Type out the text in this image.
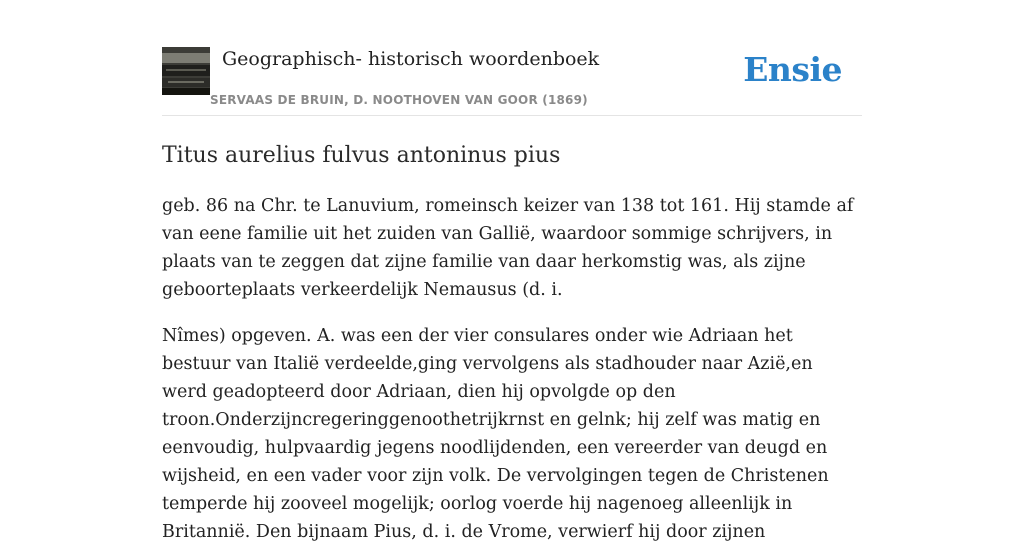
Geographisch- historisch woordenboek
SERVAAS DE BRUIN, D. NOOTHOVEN VAN GOOR (1869)
Ensie
Titus aurelius fulvus antoninus pius

geb. 86 na Chr. te Lanuvium, romeinsch keizer van 138 tot 161. Hij stamde af van eene familie uit het zuiden van Gallië, waardoor sommige schrijvers, in plaats van te zeggen dat zijne familie van daar herkomstig was, als zijne geboorteplaats verkeerdelijk Nemausus (d. i.

Nîmes) opgeven. A. was een der vier consulares onder wie Adriaan het bestuur van Italië verdeelde,ging vervolgens als stadhouder naar Azië,en werd geadopteerd door Adriaan, dien hij opvolgde op den troon.Onderzijncregeringgenoothetrijkrnst en gelnk; hij zelf was matig en eenvoudig, hulpvaardig jegens noodlijdenden, een vereerder van deugd en wijsheid, en een vader voor zijn volk. De vervolgingen tegen de Christenen temperde hij zooveel mogelijk; oorlog voerde hij nagenoeg alleenlijk in Britannië. Den bijnaam Pius, d. i. de Vrome, verwierf hij door zijnen
